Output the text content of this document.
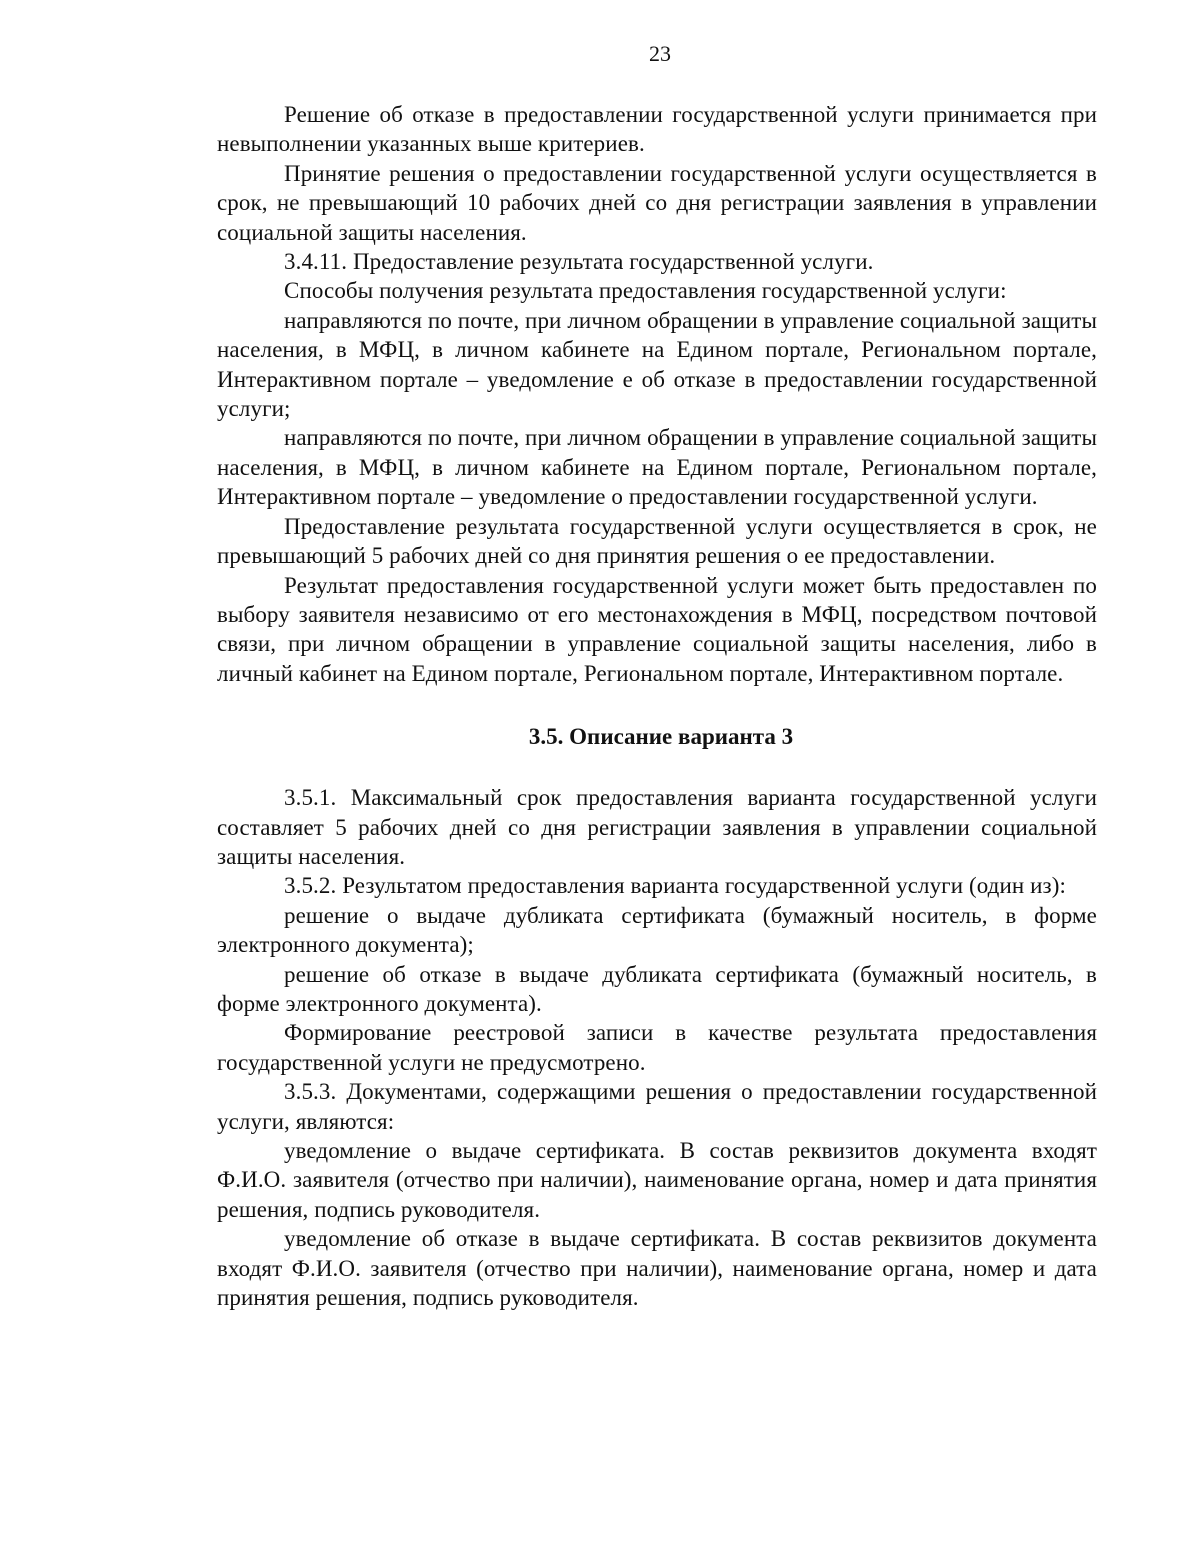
23

Решение об отказе в предоставлении государственной услуги принимается при невыполнении указанных выше критериев.

Принятие решения о предоставлении государственной услуги осуществляется в срок, не превышающий 10 рабочих дней со дня регистрации заявления в управлении социальной защиты населения.

3.4.11. Предоставление результата государственной услуги.

Способы получения результата предоставления государственной услуги:

направляются по почте, при личном обращении в управление социальной защиты населения, в МФЦ, в личном кабинете на Едином портале, Региональном портале, Интерактивном портале – уведомление е об отказе в предоставлении государственной услуги;

направляются по почте, при личном обращении в управление социальной защиты населения, в МФЦ, в личном кабинете на Едином портале, Региональном портале, Интерактивном портале – уведомление о предоставлении государственной услуги.

Предоставление результата государственной услуги осуществляется в срок, не превышающий 5 рабочих дней со дня принятия решения о ее предоставлении.

Результат предоставления государственной услуги может быть предоставлен по выбору заявителя независимо от его местонахождения в МФЦ, посредством почтовой связи, при личном обращении в управление социальной защиты населения, либо в личный кабинет на Едином портале, Региональном портале, Интерактивном портале.

3.5. Описание варианта 3

3.5.1. Максимальный срок предоставления варианта государственной услуги составляет 5 рабочих дней со дня регистрации заявления в управлении социальной защиты населения.

3.5.2. Результатом предоставления варианта государственной услуги (один из):

решение о выдаче дубликата сертификата (бумажный носитель, в форме электронного документа);

решение об отказе в выдаче дубликата сертификата (бумажный носитель, в форме электронного документа).

Формирование реестровой записи в качестве результата предоставления государственной услуги не предусмотрено.

3.5.3. Документами, содержащими решения о предоставлении государственной услуги, являются:

уведомление о выдаче сертификата. В состав реквизитов документа входят Ф.И.О. заявителя (отчество при наличии), наименование органа, номер и дата принятия решения, подпись руководителя.

уведомление об отказе в выдаче сертификата. В состав реквизитов документа входят Ф.И.О. заявителя (отчество при наличии), наименование органа, номер и дата принятия решения, подпись руководителя.
